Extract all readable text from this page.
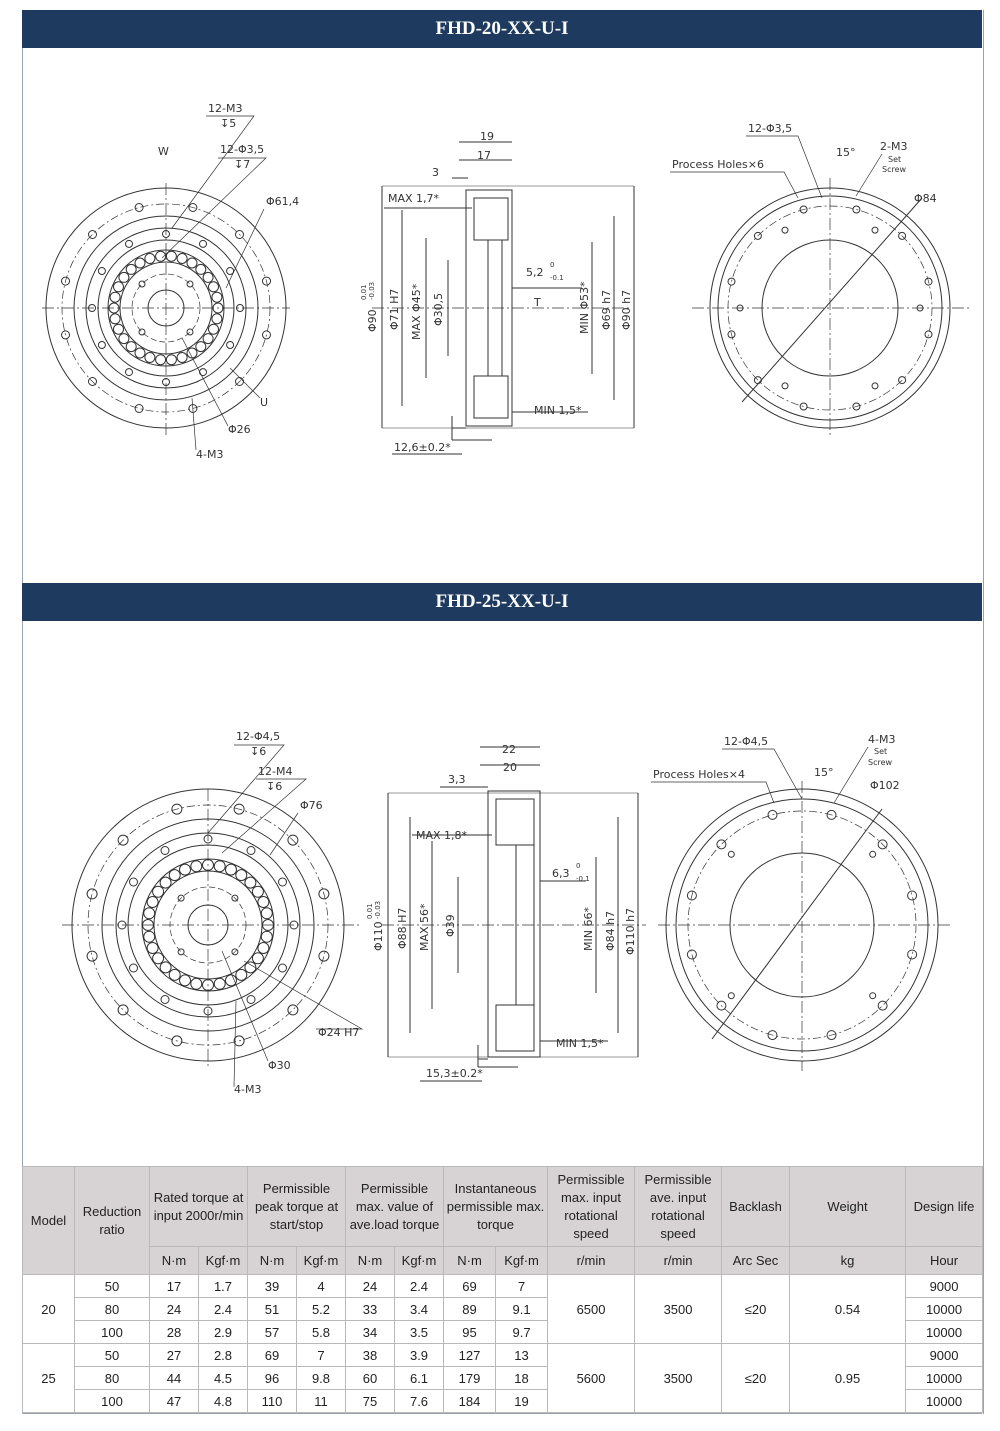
FHD-20-XX-U-I
12-M3
↧5
W	12-Φ3,5
↧7
Φ61,4
U
Φ26
4-M3
19
17
3
MAX 1,7*
5,2
0
-0.1
T
MAX Φ45* Φ30,5
Φ71 H7
Φ90
0.01 -0.03	MIN Φ53* Φ69 h7 Φ90 h7
MIN 1,5*
12,6±0.2*
12-Φ3,5
15° 2-M3
Set
Screw
Process Holes×6
Φ84
FHD-25-XX-U-I
12-Φ4,5
↧6
12-M4
↧6
Φ76
Φ24 H7
Φ30
4-M3
22
20
3,3
MAX 1,8*
6,3
0
-0.1
Φ110
0.01 -0.03 Φ88 H7 MAX 56* Φ39	MIN 66* Φ84 h7 Φ110 h7
MIN 1,5*
15,3±0.2*
12-Φ4,5	4-M3
Set
Screw
Process Holes×4	15°
Φ102
Model	Reduction ratio	Rated torque at input 2000r/min		Permissible peak torque at start/stop		Permissible max. value of ave.load torque		Instantaneous permissible max. torque		Permissible max. input rotational speed	Permissible ave. input rotational speed	Backlash	Weight	Design life
		N·m	Kgf·m	N·m	Kgf·m	N·m	Kgf·m	N·m	Kgf·m	r/min	r/min	Arc Sec	kg	Hour
20	50	17	1.7	39	4	24	2.4	69	7	6500	3500	≤20	0.54	9000
	80	24	2.4	51	5.2	33	3.4	89	9.1					10000
	100	28	2.9	57	5.8	34	3.5	95	9.7					10000
25	50	27	2.8	69	7	38	3.9	127	13	5600	3500	≤20	0.95	9000
	80	44	4.5	96	9.8	60	6.1	179	18					10000
	100	47	4.8	110	11	75	7.6	184	19					10000
